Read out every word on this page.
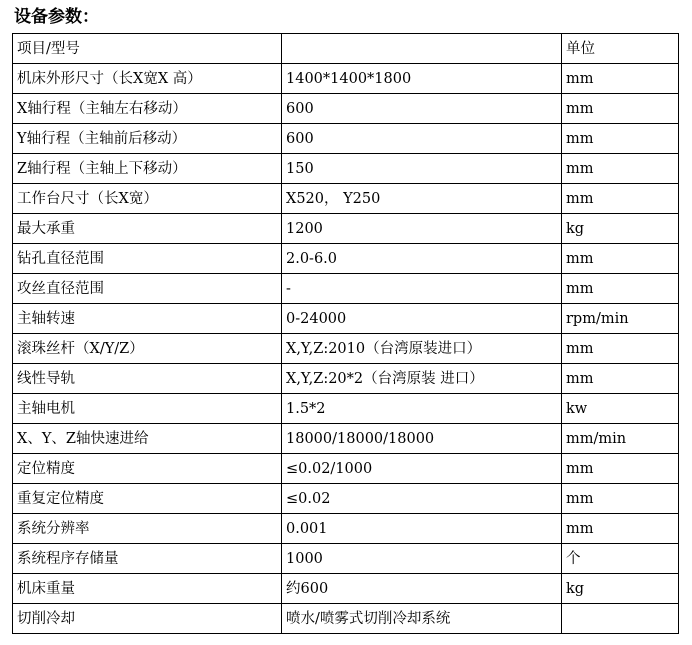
设备参数：
项目/型号		单位
机床外形尺寸（长X宽X 高）	1400*1400*1800	mm
X轴行程（主轴左右移动）	600	mm
Y轴行程（主轴前后移动）	600	mm
Z轴行程（主轴上下移动）	150	mm
工作台尺寸（长X宽）	X520， Y250	mm
最大承重	1200	kg
钻孔直径范围	2.0-6.0	mm
攻丝直径范围	-	mm
主轴转速	0-24000	rpm/min
滚珠丝杆（X/Y/Z）	X,Y,Z:2010（台湾原装进口）	mm
线性导轨	X,Y,Z:20*2（台湾原装 进口）	mm
主轴电机	1.5*2	kw
X、Y、Z轴快速进给	18000/18000/18000	mm/min
定位精度	≤0.02/1000	mm
重复定位精度	≤0.02	mm
系统分辨率	0.001	mm
系统程序存储量	1000	个
机床重量	约600	kg
切削冷却	喷水/喷雾式切削冷却系统	
